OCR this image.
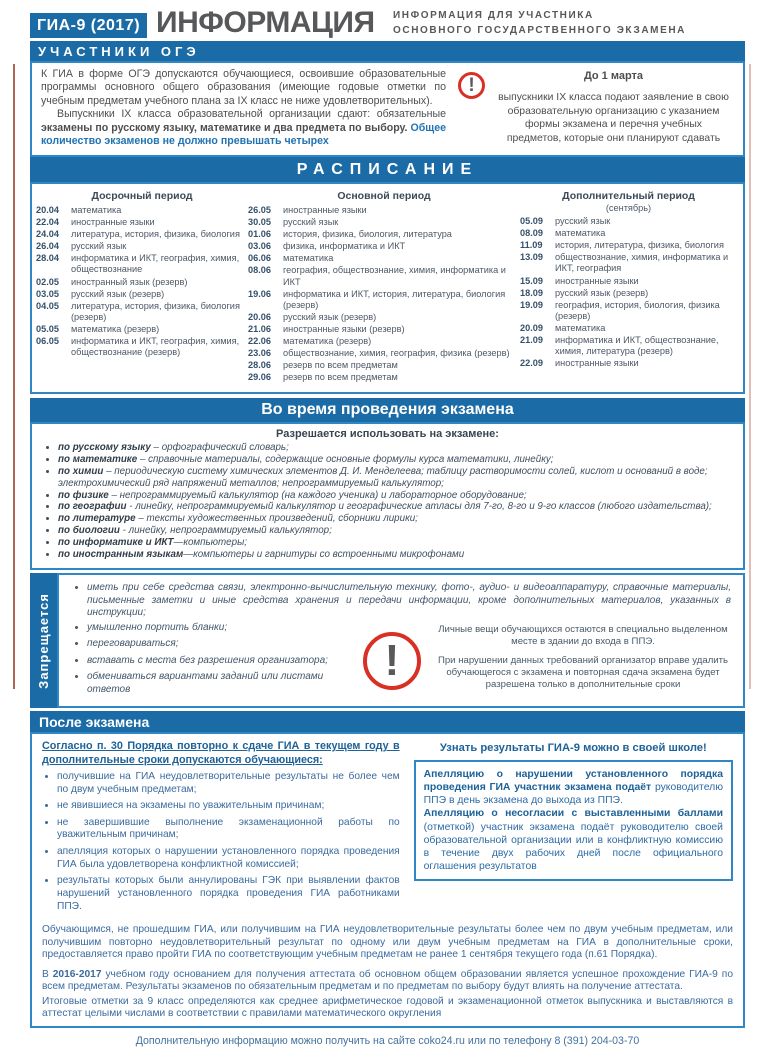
ГИА-9 (2017) ИНФОРМАЦИЯ ИНФОРМАЦИЯ ДЛЯ УЧАСТНИКА
ОСНОВНОГО ГОСУДАРСТВЕННОГО ЭКЗАМЕНА
УЧАСТНИКИ ОГЭ

К ГИА в форме ОГЭ допускаются обучающиеся, освоившие образовательные программы основного общего образования (имеющие годовые отметки по учебным предметам учебного плана за IX класс не ниже удовлетворительных).

Выпускники IX класса образовательной организации сдают: обязательные экзамены по русскому языку, математике и два предмета по выбору. Общее количество экзаменов не должно превышать четырех

!	До 1 марта
выпускники IX класса подают заявление в свою образовательную организацию с указанием формы экзамена и перечня учебных предметов, которые они планируют сдавать
РАСПИСАНИЕ
Досрочный период
20.04	математика
22.04	иностранные языки
24.04	литература, история, физика, биология
26.04	русский язык
28.04	информатика и ИКТ, география, химия, обществознание
02.05	иностранный язык (резерв)
03.05	русский язык (резерв)
04.05	литература, история, физика, биология (резерв)
05.05	математика (резерв)
06.05	информатика и ИКТ, география, химия, обществознание (резерв)
Основной период
26.05	иностранные языки
30.05	русский язык
01.06	история, физика, биология, литература
03.06	физика, информатика и ИКТ
06.06	математика
08.06	география, обществознание, химия, информатика и ИКТ
19.06	информатика и ИКТ, история, литература, биология (резерв)
20.06	русский язык (резерв)
21.06	иностранные языки (резерв)
22.06	математика (резерв)
23.06	обществознание, химия, география, физика (резерв)
28.06	резерв по всем предметам
29.06	резерв по всем предметам
Дополнительный период
(сентябрь)
05.09	русский язык
08.09	математика
11.09	история, литература, физика, биология
13.09	обществознание, химия, информатика и ИКТ, география
15.09	иностранные языки
18.09	русский язык (резерв)
19.09	география, история, биология, физика (резерв)
20.09	математика
21.09	информатика и ИКТ, обществознание, химия, литература (резерв)
22.09	иностранные языки
Во время проведения экзамена
Разрешается использовать на экзамене:
• по русскому языку – орфографический словарь;
• по математике – справочные материалы, содержащие основные формулы курса математики, линейку;
• по химии – периодическую систему химических элементов Д. И. Менделеева; таблицу растворимости солей, кислот и оснований в воде; электрохимический ряд напряжений металлов; непрограммируемый калькулятор;
• по физике – непрограммируемый калькулятор (на каждого ученика) и лабораторное оборудование;
• по географии - линейку, непрограммируемый калькулятор и географические атласы для 7-го, 8-го и 9-го классов (любого издательства);
• по литературе – тексты художественных произведений, сборники лирики;
• по биологии - линейку, непрограммируемый калькулятор;
• по информатике и ИКТ—компьютеры;
• по иностранным языкам—компьютеры и гарнитуры со встроенными микрофонами
Запрещается
• иметь при себе средства связи, электронно-вычислительную технику, фото-, аудио- и видеоаппаратуру, справочные материалы, письменные заметки и иные средства хранения и передачи информации, кроме дополнительных материалов, указанных в инструкции;
• умышленно портить бланки;
• переговариваться;
• вставать с места без разрешения организатора;
• обмениваться вариантами заданий или листами ответов
!

Личные вещи обучающихся остаются в специально выделенном месте в здании до входа в ППЭ.

При нарушении данных требований организатор вправе удалить обучающегося с экзамена и повторная сдача экзамена будет разрешена только в дополнительные сроки

После экзамена

Согласно п. 30 Порядка повторно к сдаче ГИА в текущем году в дополнительные сроки допускаются обучающиеся:

• получившие на ГИА неудовлетворительные результаты не более чем по двум учебным предметам;
• не явившиеся на экзамены по уважительным причинам;
• не завершившие выполнение экзаменационной работы по уважительным причинам;
• апелляция которых о нарушении установленного порядка проведения ГИА была удовлетворена конфликтной комиссией;
• результаты которых были аннулированы ГЭК при выявлении фактов нарушений установленного порядка проведения ГИА работниками ППЭ.

Узнать результаты ГИА-9 можно в своей школе!

Апелляцию о нарушении установленного порядка проведения ГИА участник экзамена подаёт руководителю ППЭ в день экзамена до выхода из ППЭ.

Апелляцию о несогласии с выставленными баллами (отметкой) участник экзамена подаёт руководителю своей образовательной организации или в конфликтную комиссию в течение двух рабочих дней после официального оглашения результатов

Обучающимся, не прошедшим ГИА, или получившим на ГИА неудовлетворительные результаты более чем по двум учебным предметам, или получившим повторно неудовлетворительный результат по одному или двум учебным предметам на ГИА в дополнительные сроки, предоставляется право пройти ГИА по соответствующим учебным предметам не ранее 1 сентября текущего года (п.61 Порядка).

В 2016-2017 учебном году основанием для получения аттестата об основном общем образовании является успешное прохождение ГИА-9 по всем предметам. Результаты экзаменов по обязательным предметам и по предметам по выбору будут влиять на получение аттестата.

Итоговые отметки за 9 класс определяются как среднее арифметическое годовой и экзаменационной отметок выпускника и выставляются в аттестат целыми числами в соответствии с правилами математического округления

Дополнительную информацию можно получить на сайте coko24.ru или по телефону 8 (391) 204-03-70
